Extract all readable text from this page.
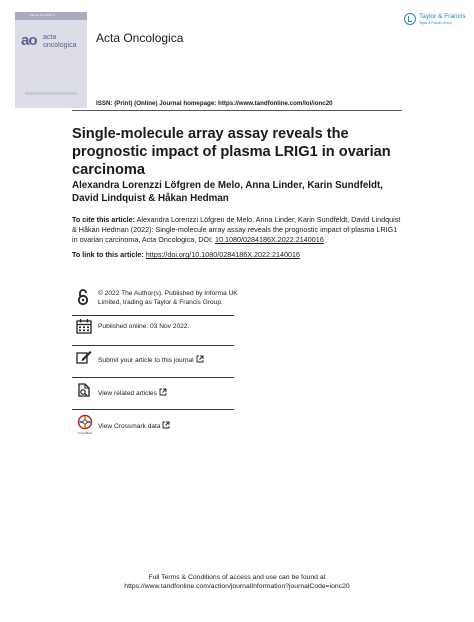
Volume 61 Issue 11
ao acta
oncologica
Acta Oncologica
Taylor & Francis
Taylor & Francis Group
ISSN: (Print) (Online) Journal homepage: https://www.tandfonline.com/loi/ionc20
Single-molecule array assay reveals the prognostic impact of plasma LRIG1 in ovarian carcinoma
Alexandra Lorenzzi Löfgren de Melo, Anna Linder, Karin Sundfeldt, David Lindquist & Håkan Hedman
To cite this article: Alexandra Lorenzzi Löfgren de Melo, Anna Linder, Karin Sundfeldt, David Lindquist & Håkan Hedman (2022): Single-molecule array assay reveals the prognostic impact of plasma LRIG1 in ovarian carcinoma, Acta Oncologica, DOI: 10.1080/0284186X.2022.2140016
To link to this article: https://doi.org/10.1080/0284186X.2022.2140016
© 2022 The Author(s). Published by Informa UK Limited, trading as Taylor & Francis Group.
Published online: 03 Nov 2022.
Submit your article to this journal
View related articles
CrossMark
View Crossmark data
Full Terms & Conditions of access and use can be found at
https://www.tandfonline.com/action/journalInformation?journalCode=ionc20
